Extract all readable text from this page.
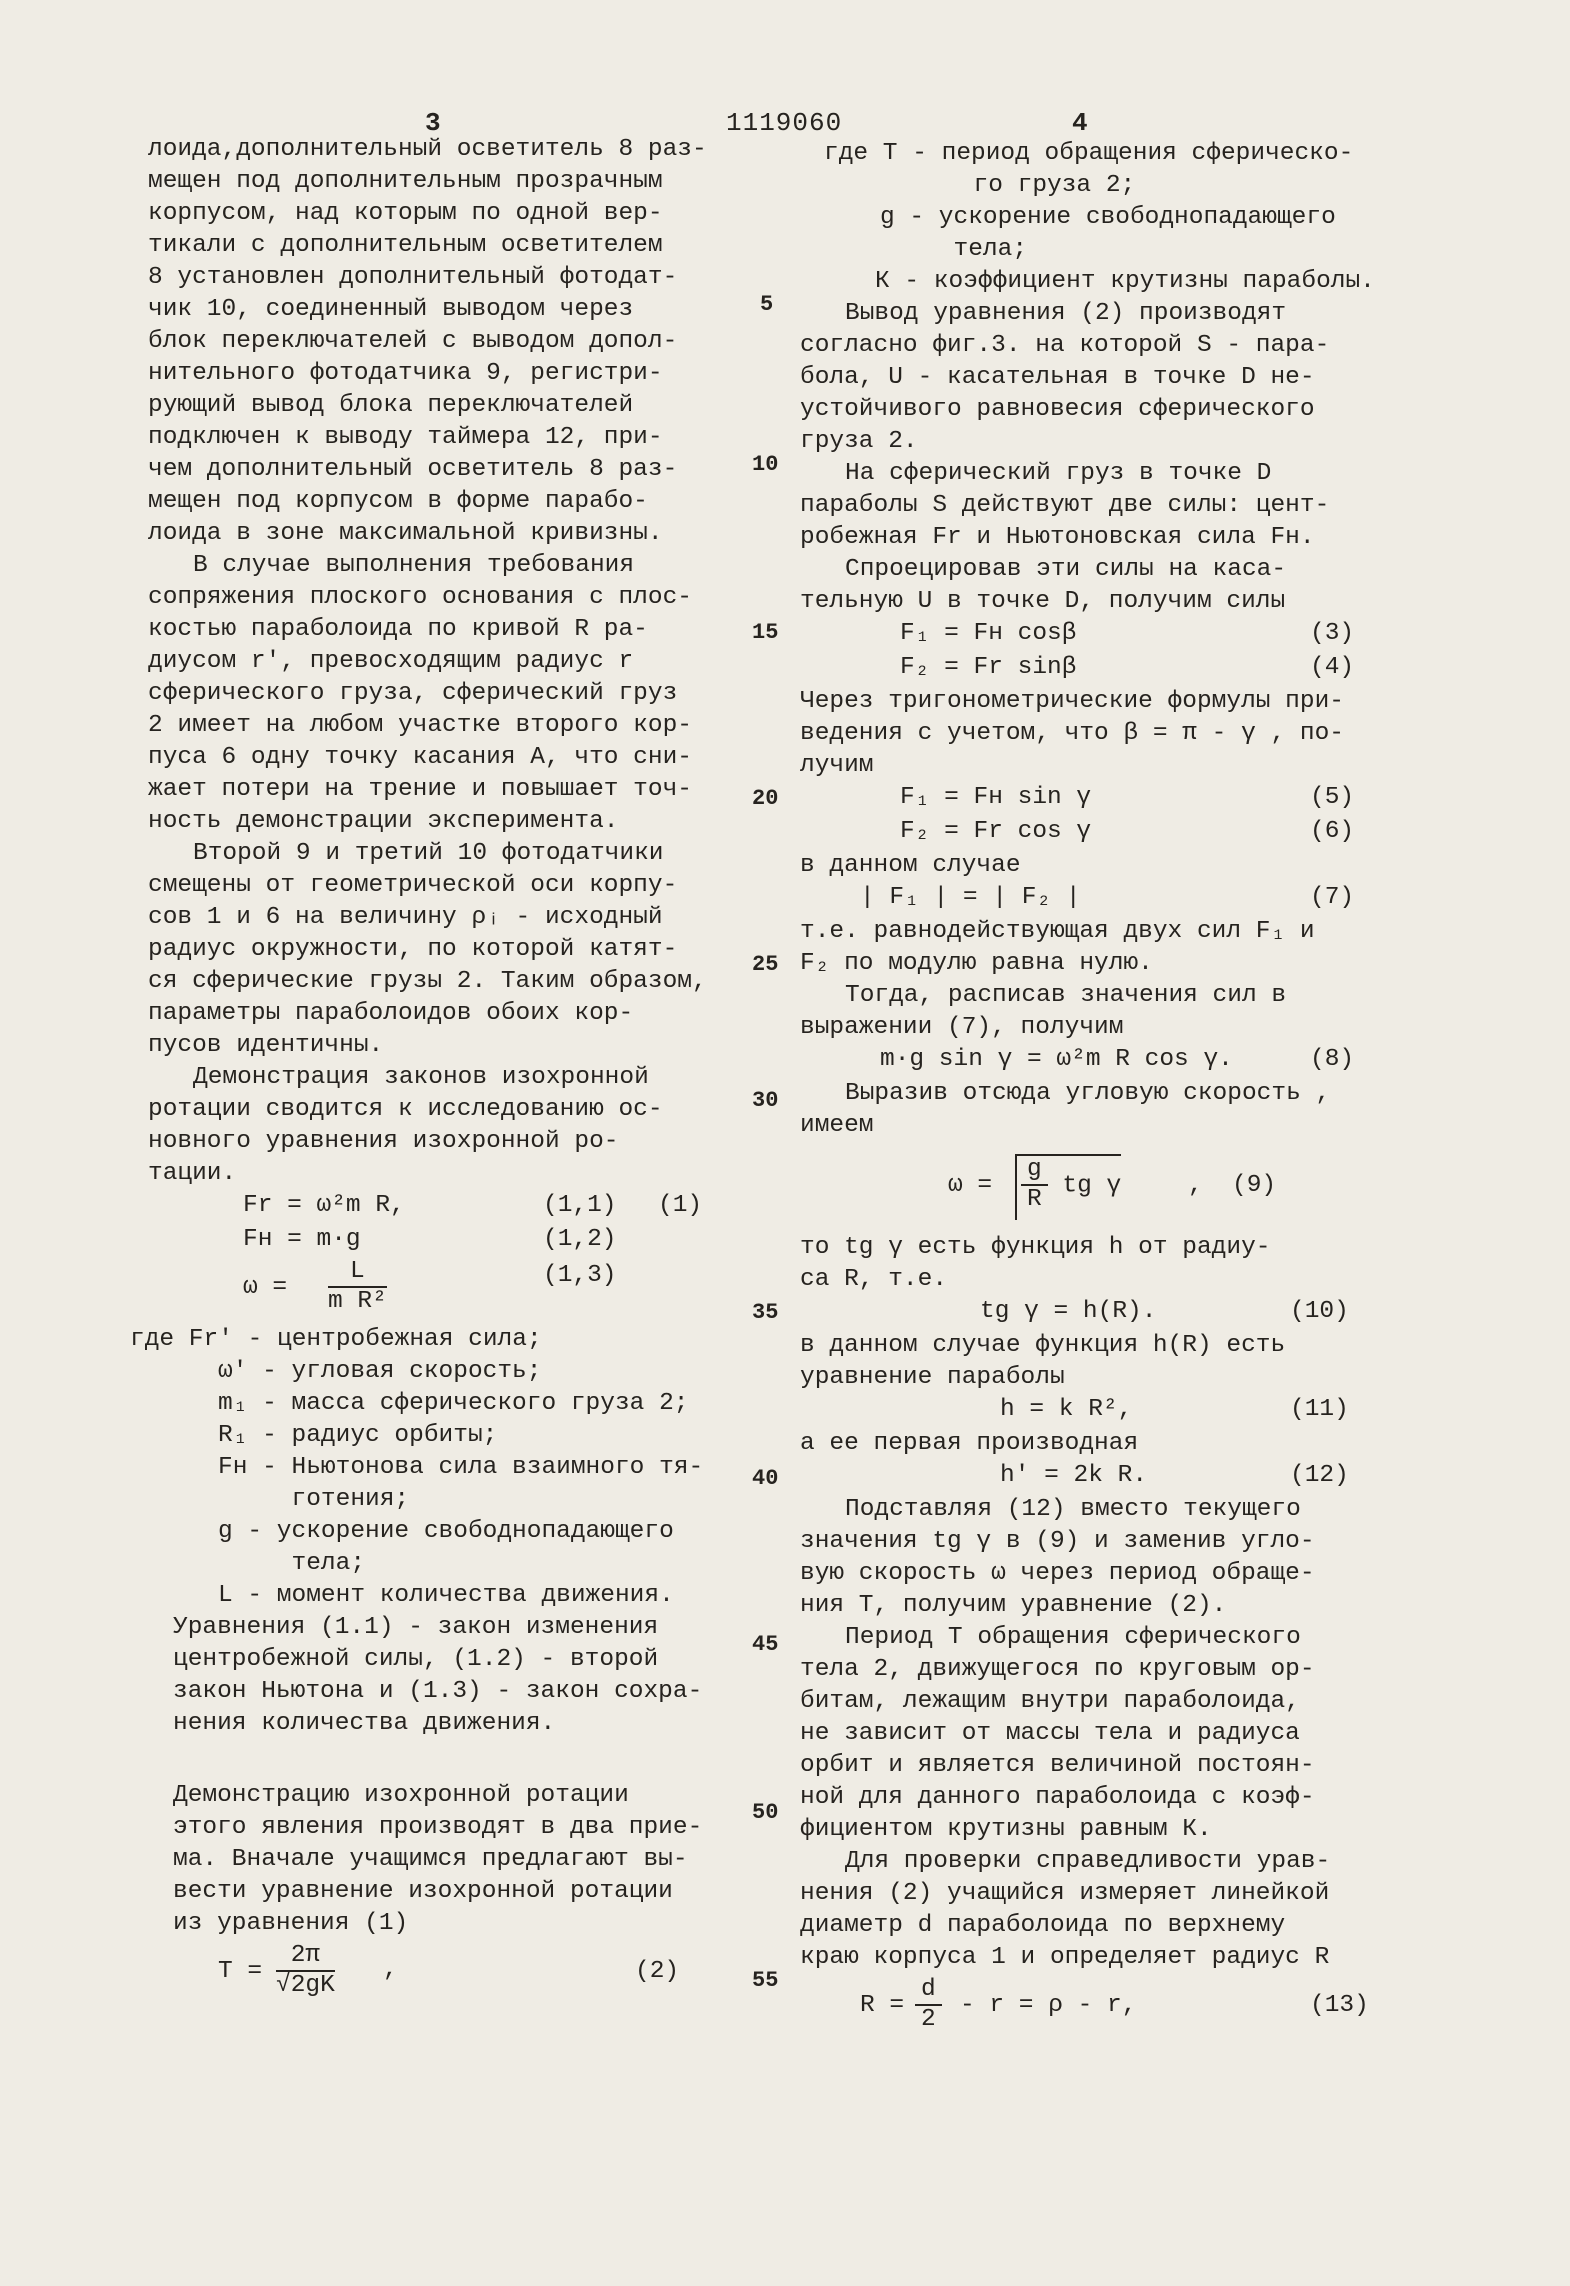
3	1119060	4
лоида,дополнительный осветитель 8 раз-
мещен под дополнительным прозрачным
корпусом, над которым по одной вер-
тикали с дополнительным осветителем
8 установлен дополнительный фотодат-
чик 10, соединенный выводом через
блок переключателей с выводом допол-
нительного фотодатчика 9, регистри-
рующий вывод блока переключателей
подключен к выводу таймера 12, при-
чем дополнительный осветитель 8 раз-
мещен под корпусом в форме парабо-
лоида в зоне максимальной кривизны.
В случае выполнения требования
сопряжения плоского основания с плос-
костью параболоида по кривой R ра-
диусом r', превосходящим радиус r
сферического груза, сферический груз
2 имеет на любом участке второго кор-
пуса 6 одну точку касания А, что сни-
жает потери на трение и повышает точ-
ность демонстрации эксперимента.
Второй 9 и третий 10 фотодатчики
смещены от геометрической оси корпу-
сов 1 и 6 на величину ρᵢ - исходный
радиус окружности, по которой катят-
ся сферические грузы 2. Таким образом,
параметры параболоидов обоих кор-
пусов идентичны.
Демонстрация законов изохронной
ротации сводится к исследованию ос-
новного уравнения изохронной ро-
тации.
Fr = ω²m R,	(1,1) (1)
Fн = m·g	(1,2)
$\omega = \frac{L}{\text{m R²}}$	(1,3)
где Fr' - центробежная сила;
ω' - угловая скорость;
m₁ - масса сферического груза 2;
R₁ - радиус орбиты;
Fн - Ньютонова сила взаимного тя-
готения;
g - ускорение свободнопадающего
тела;
L - момент количества движения.
Уравнения (1.1) - закон изменения
центробежной силы, (1.2) - второй
закон Ньютона и (1.3) - закон сохра-
нения количества движения.
Демонстрацию изохронной ротации
этого явления производят в два прие-
ма. Вначале учащимся предлагают вы-
вести уравнение изохронной ротации
из уравнения (1)
$T = \frac{2\pi}{√2gK}$ ,	(2)
5
10
15
20
25
30
35
40
45
50
55
где Т - период обращения сферическо-
го груза 2;
g - ускорение свободнопадающего
тела;
К - коэффициент крутизны параболы.
Вывод уравнения (2) производят
согласно фиг.3. на которой S - пара-
бола, U - касательная в точке D не-
устойчивого равновесия сферического
груза 2.
На сферический груз в точке D
параболы S действуют две силы: цент-
робежная Fr и Ньютоновская сила Fн.
Спроецировав эти силы на каса-
тельную U в точке D, получим силы
F₁ = Fн cosβ	(3)
F₂ = Fr sinβ	(4)
Через тригонометрические формулы при-
ведения с учетом, что β = π - γ , по-
лучим
F₁ = Fн sin γ	(5)
F₂ = Fr cos γ	(6)
в данном случае
| F₁ | = | F₂ |	(7)
т.е. равнодействующая двух сил F₁ и
F₂ по модулю равна нулю.
Тогда, расписав значения сил в
выражении (7), получим
m·g sin γ = ω²m R cos γ.	(8)
Выразив отсюда угловую скорость ,
имеем
$\omega = \frac{g}{R}$ tg γ	, (9)
то tg γ есть функция h от радиу-
са R, т.е.
tg γ = h(R).	(10)
в данном случае функция h(R) есть
уравнение параболы
h = k R²,	(11)
а ее первая производная
h' = 2k R.	(12)
Подставляя (12) вместо текущего
значения tg γ в (9) и заменив угло-
вую скорость ω через период обраще-
ния Т, получим уравнение (2).
Период Т обращения сферического
тела 2, движущегося по круговым ор-
битам, лежащим внутри параболоида,
не зависит от массы тела и радиуса
орбит и является величиной постоян-
ной для данного параболоида с коэф-
фициентом крутизны равным К.
Для проверки справедливости урав-
нения (2) учащийся измеряет линейкой
диаметр d параболоида по верхнему
краю корпуса 1 и определяет радиус R
$R = \frac{d}{2} - r = \rho - r$,	(13)
